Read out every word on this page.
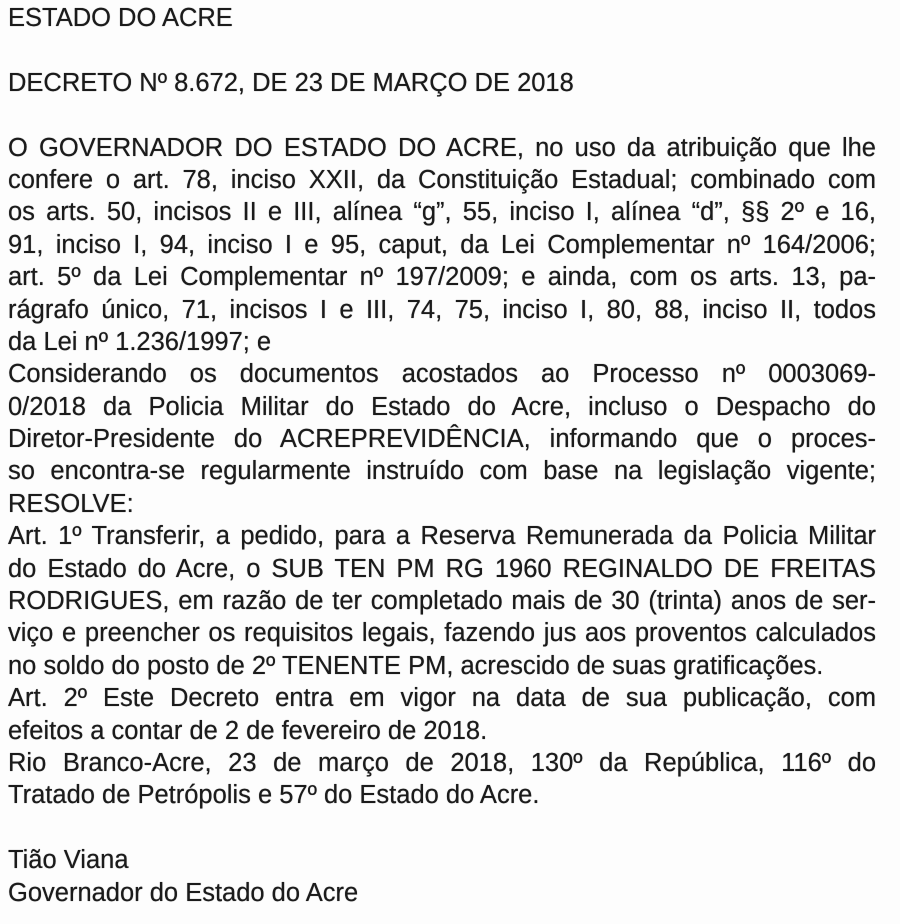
ESTADO DO ACRE
DECRETO Nº 8.672, DE 23 DE MARÇO DE 2018
O GOVERNADOR DO ESTADO DO ACRE, no uso da atribuição que lhe
confere o art. 78, inciso XXII, da Constituição Estadual; combinado com
os arts. 50, incisos II e III, alínea “g”, 55, inciso I, alínea “d”, §§ 2º e 16,
91, inciso I, 94, inciso I e 95, caput, da Lei Complementar nº 164/2006;
art. 5º da Lei Complementar nº 197/2009; e ainda, com os arts. 13, pa-
rágrafo único, 71, incisos I e III, 74, 75, inciso I, 80, 88, inciso II, todos
da Lei nº 1.236/1997; e
Considerando os documentos acostados ao Processo nº 0003069-
0/2018 da Policia Militar do Estado do Acre, incluso o Despacho do
Diretor-Presidente do ACREPREVIDÊNCIA, informando que o proces-
so encontra-se regularmente instruído com base na legislação vigente;
RESOLVE:
Art. 1º Transferir, a pedido, para a Reserva Remunerada da Policia Militar
do Estado do Acre, o SUB TEN PM RG 1960 REGINALDO DE FREITAS
RODRIGUES, em razão de ter completado mais de 30 (trinta) anos de ser-
viço e preencher os requisitos legais, fazendo jus aos proventos calculados
no soldo do posto de 2º TENENTE PM, acrescido de suas gratificações.
Art. 2º Este Decreto entra em vigor na data de sua publicação, com
efeitos a contar de 2 de fevereiro de 2018.
Rio Branco-Acre, 23 de março de 2018, 130º da República, 116º do
Tratado de Petrópolis e 57º do Estado do Acre.
Tião Viana
Governador do Estado do Acre
